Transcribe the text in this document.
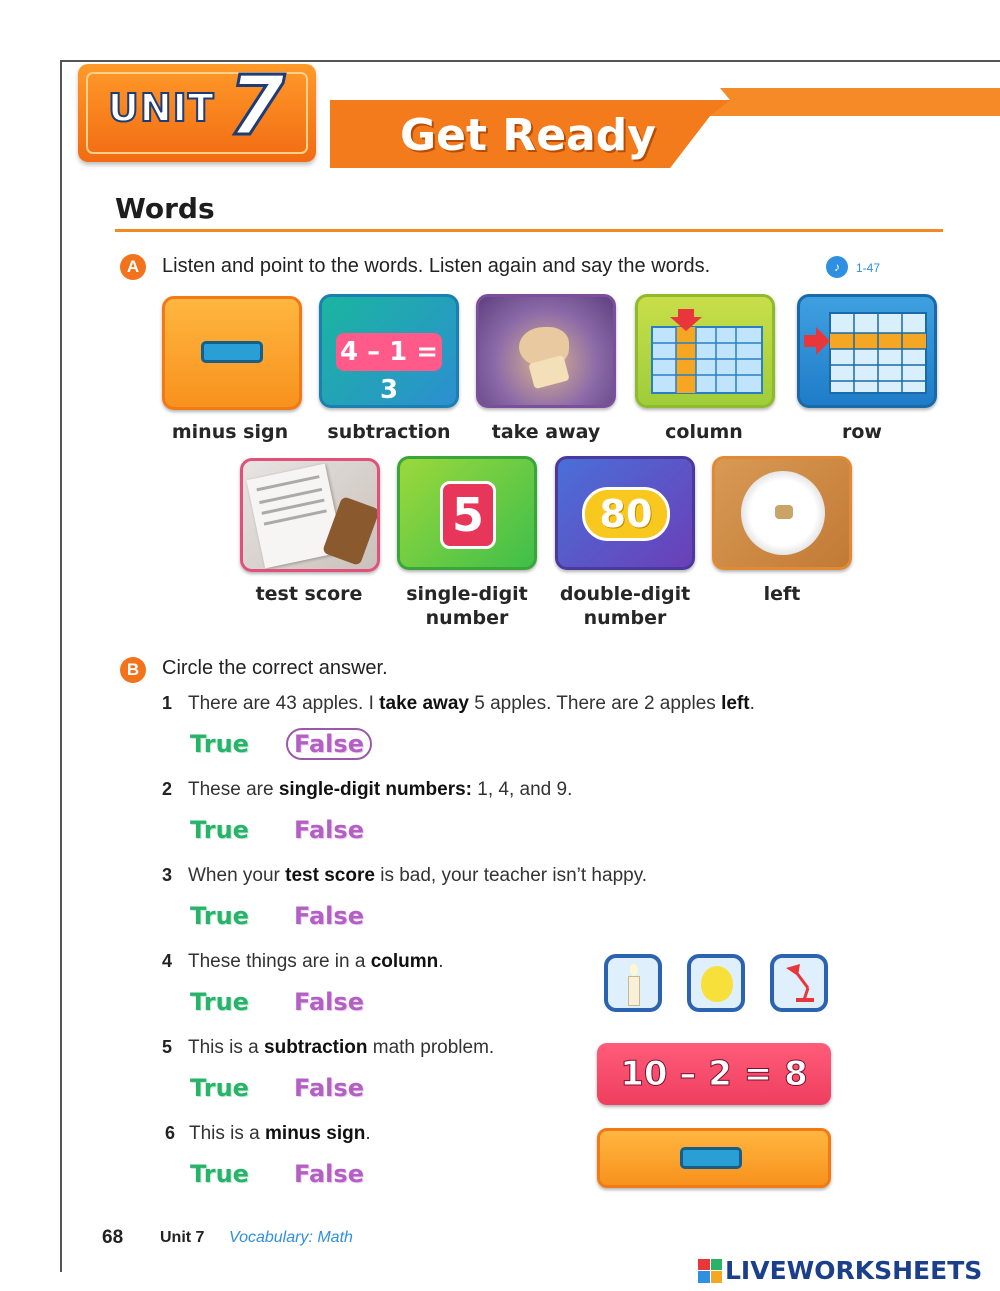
UNIT 7	Get Ready
Words
A	Listen and point to the words. Listen again and say the words.	♪	1-47
minus sign
4 – 1 = 3
subtraction	take away	column	row
test score
5
single-digit
number
80
double-digit
number
left
B	Circle the correct answer.
1 There are 43 apples. I take away 5 apples. There are 2 apples left.
True	False
2 These are single-digit numbers: 1, 4, and 9.
True False
3 When your test score is bad, your teacher isn’t happy.
True False
4 These things are in a column.
True False
5 This is a subtraction math problem.
True False
6 This is a minus sign.
True False
10 – 2 = 8
68 Unit 7 Vocabulary: Math
LIVEWORKSHEETS
